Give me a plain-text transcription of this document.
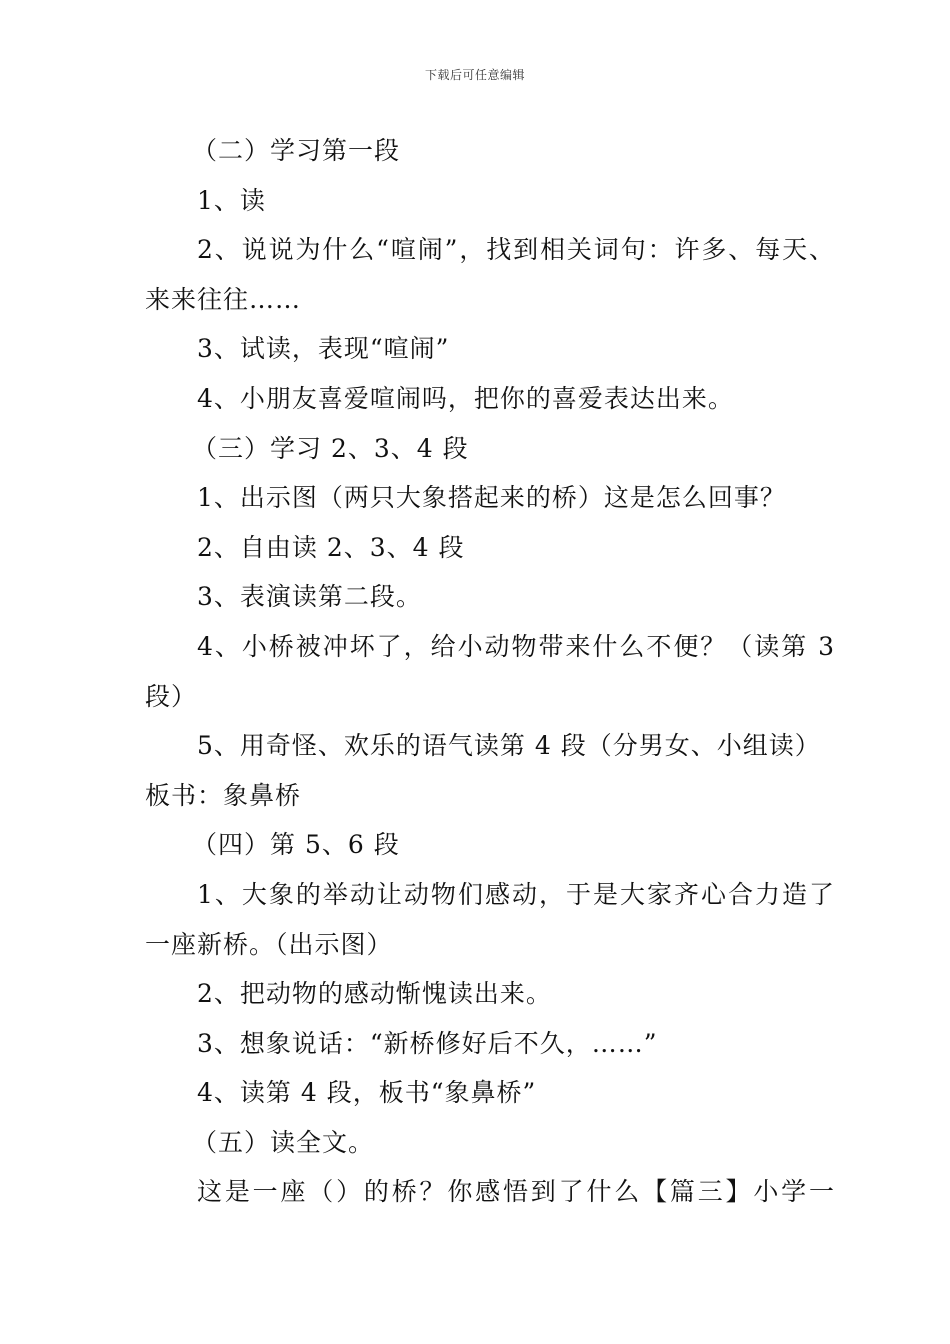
下载后可任意编辑
（二）学习第一段
1、读
2、说说为什么“喧闹”，找到相关词句：许多、每天、
来来往往……
3、试读，表现“喧闹”
4、小朋友喜爱喧闹吗，把你的喜爱表达出来。
（三）学习 2、3、4 段
1、出示图（两只大象搭起来的桥）这是怎么回事？
2、自由读 2、3、4 段
3、表演读第二段。
4、小桥被冲坏了，给小动物带来什么不便？（读第 3
段）
5、用奇怪、欢乐的语气读第 4 段（分男女、小组读）
板书：象鼻桥
（四）第 5、6 段
1、大象的举动让动物们感动，于是大家齐心合力造了
一座新桥。（出示图）
2、把动物的感动惭愧读出来。
3、想象说话：“新桥修好后不久，……”
4、读第 4 段，板书“象鼻桥”
（五）读全文。
这是一座（）的桥？你感悟到了什么【篇三】小学一
